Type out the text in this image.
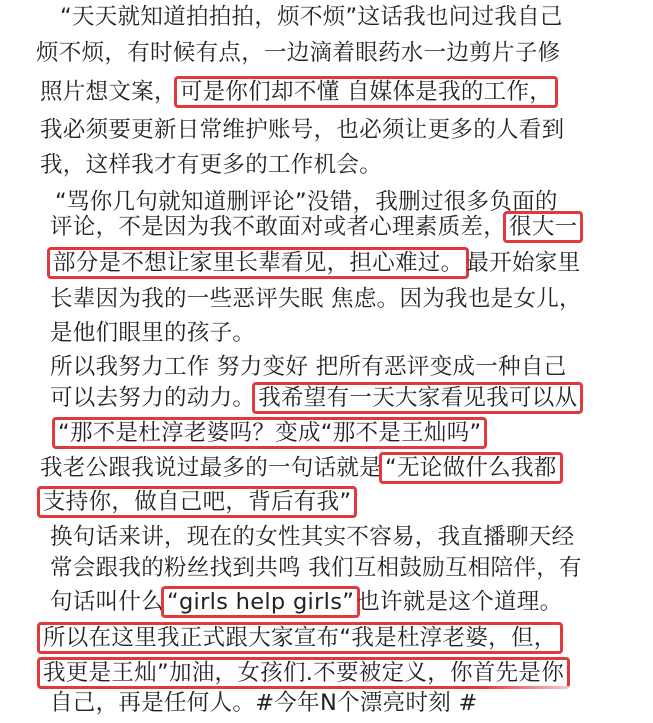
“天天就知道拍拍拍，烦不烦”这话我也问过我自己
烦不烦，有时候有点，一边滴着眼药水一边剪片子修
照片想文案， 可是你们却不懂 自媒体是我的工作，
我必须要更新日常维护账号，也必须让更多的人看到
我，这样我才有更多的工作机会。
“骂你几句就知道删评论”没错，我删过很多负面的
评论，不是因为我不敢面对或者心理素质差， 很大一
部分是不想让家里长辈看见，担心难过。 最开始家里
长辈因为我的一些恶评失眠 焦虑。因为我也是女儿，
是他们眼里的孩子。
所以我努力工作 努力变好 把所有恶评变成一种自己
可以去努力的动力。 我希望有一天大家看见我可以从
“那不是杜淳老婆吗？变成“那不是王灿吗”
我老公跟我说过最多的一句话就是 “无论做什么我都
支持你，做自己吧，背后有我”
换句话来讲，现在的女性其实不容易，我直播聊天经
常会跟我的粉丝找到共鸣 我们互相鼓励互相陪伴，有
句话叫什么 “girls help girls” 也许就是这个道理。
所以在这里我正式跟大家宣布“我是杜淳老婆，但，
我更是王灿”加油，女孩们.不要被定义，你首先是你
自己，再是任何人。#今年N个漂亮时刻 #
